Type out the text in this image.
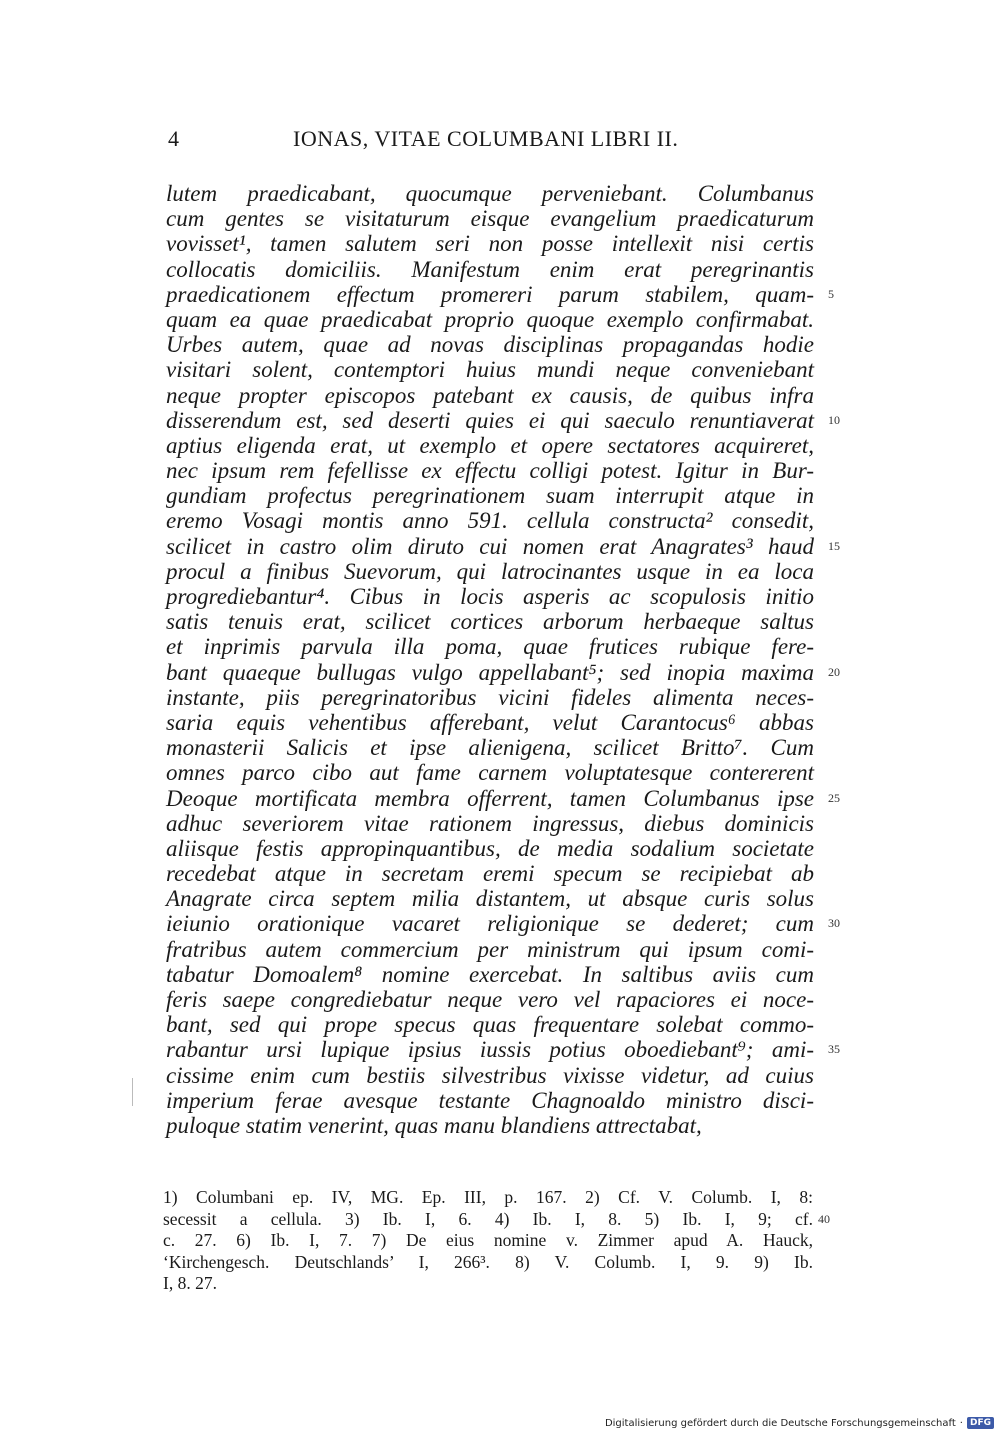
4	IONAS, VITAE COLUMBANI LIBRI II.
lutem praedicabant, quocumque perveniebant. Columbanus
cum gentes se visitaturum eisque evangelium praedicaturum
vovisset¹, tamen salutem seri non posse intellexit nisi certis
collocatis domiciliis. Manifestum enim erat peregrinantis
praedicationem effectum promereri parum stabilem, quam- 5
quam ea quae praedicabat proprio quoque exemplo confirmabat.
Urbes autem, quae ad novas disciplinas propagandas hodie
visitari solent, contemptori huius mundi neque conveniebant
neque propter episcopos patebant ex causis, de quibus infra
disserendum est, sed deserti quies ei qui saeculo renuntiaverat 10
aptius eligenda erat, ut exemplo et opere sectatores acquireret,
nec ipsum rem fefellisse ex effectu colligi potest. Igitur in Bur-
gundiam profectus peregrinationem suam interrupit atque in
eremo Vosagi montis anno 591. cellula constructa² consedit,
scilicet in castro olim diruto cui nomen erat Anagrates³ haud 15
procul a finibus Suevorum, qui latrocinantes usque in ea loca
progrediebantur⁴. Cibus in locis asperis ac scopulosis initio
satis tenuis erat, scilicet cortices arborum herbaeque saltus
et inprimis parvula illa poma, quae frutices rubique fere-
bant quaeque bullugas vulgo appellabant⁵; sed inopia maxima 20
instante, piis peregrinatoribus vicini fideles alimenta neces-
saria equis vehentibus afferebant, velut Carantocus⁶ abbas
monasterii Salicis et ipse alienigena, scilicet Britto⁷. Cum
omnes parco cibo aut fame carnem voluptatesque contererent
Deoque mortificata membra offerrent, tamen Columbanus ipse 25
adhuc severiorem vitae rationem ingressus, diebus dominicis
aliisque festis appropinquantibus, de media sodalium societate
recedebat atque in secretam eremi specum se recipiebat ab
Anagrate circa septem milia distantem, ut absque curis solus
ieiunio orationique vacaret religionique se dederet; cum 30
fratribus autem commercium per ministrum qui ipsum comi-
tabatur Domoalem⁸ nomine exercebat. In saltibus aviis cum
feris saepe congrediebatur neque vero vel rapaciores ei noce-
bant, sed qui prope specus quas frequentare solebat commo-
rabantur ursi lupique ipsius iussis potius oboediebant⁹; ami- 35
cissime enim cum bestiis silvestribus vixisse videtur, ad cuius
imperium ferae avesque testante Chagnoaldo ministro disci-
puloque statim venerint, quas manu blandiens attrectabat,
1) Columbani ep. IV, MG. Ep. III, p. 167. 2) Cf. V. Columb. I, 8:
secessit a cellula. 3) Ib. I, 6. 4) Ib. I, 8. 5) Ib. I, 9; cf. 40
c. 27. 6) Ib. I, 7. 7) De eius nomine v. Zimmer apud A. Hauck,
‘Kirchengesch. Deutschlands’ I, 266³. 8) V. Columb. I, 9. 9) Ib.
I, 8. 27.
Digitalisierung gefördert durch die Deutsche Forschungsgemeinschaft · DFG
